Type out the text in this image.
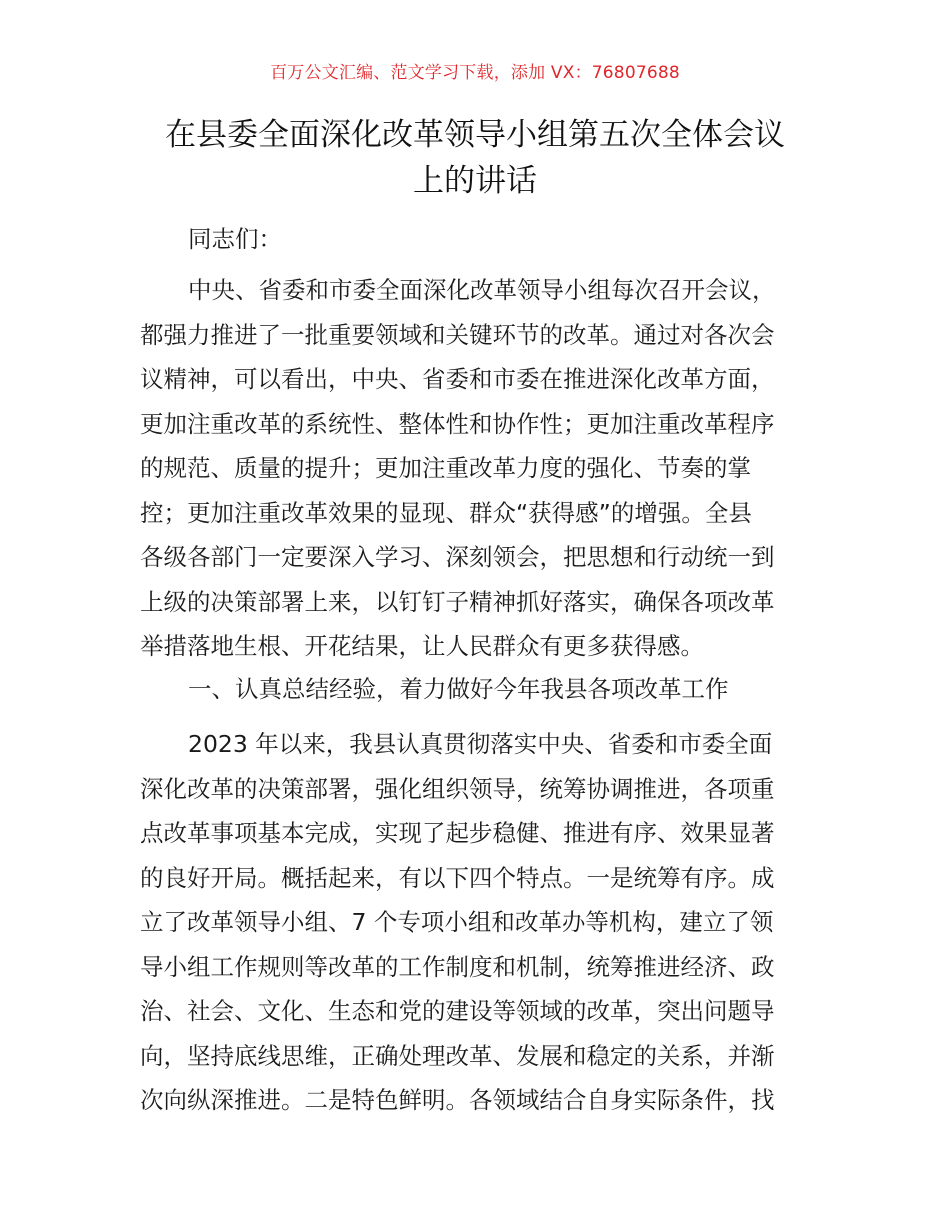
百万公文汇编、范文学习下载，添加 VX：76807688
在县委全面深化改革领导小组第五次全体会议
上的讲话
同志们：
中央、省委和市委全面深化改革领导小组每次召开会议，
都强力推进了一批重要领域和关键环节的改革。通过对各次会
议精神，可以看出，中央、省委和市委在推进深化改革方面，
更加注重改革的系统性、整体性和协作性；更加注重改革程序
的规范、质量的提升；更加注重改革力度的强化、节奏的掌
控；更加注重改革效果的显现、群众“获得感”的增强。全县
各级各部门一定要深入学习、深刻领会，把思想和行动统一到
上级的决策部署上来，以钉钉子精神抓好落实，确保各项改革
举措落地生根、开花结果，让人民群众有更多获得感。
一、认真总结经验，着力做好今年我县各项改革工作
2023 年以来，我县认真贯彻落实中央、省委和市委全面
深化改革的决策部署，强化组织领导，统筹协调推进，各项重
点改革事项基本完成，实现了起步稳健、推进有序、效果显著
的良好开局。概括起来，有以下四个特点。一是统筹有序。成
立了改革领导小组、7 个专项小组和改革办等机构，建立了领
导小组工作规则等改革的工作制度和机制，统筹推进经济、政
治、社会、文化、生态和党的建设等领域的改革，突出问题导
向，坚持底线思维，正确处理改革、发展和稳定的关系，并渐
次向纵深推进。二是特色鲜明。各领域结合自身实际条件，找
